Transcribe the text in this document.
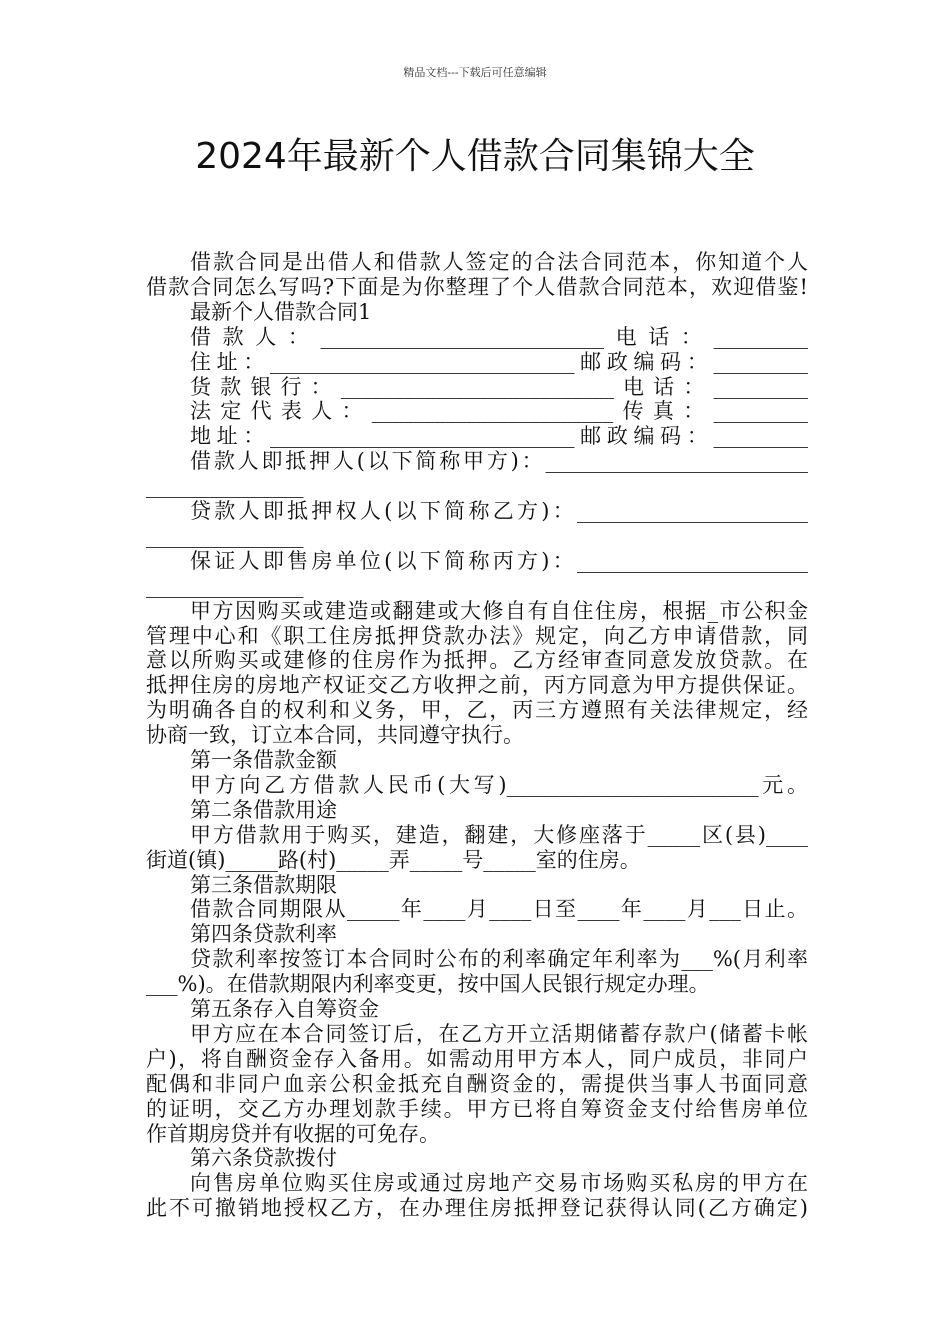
精品文档---下载后可任意编辑
2024年最新个人借款合同集锦大全
借款合同是出借人和借款人签定的合法合同范本，你知道个人
借款合同怎么写吗?下面是为你整理了个人借款合同范本，欢迎借鉴!
最新个人借款合同1
借款人：___________________________电话：_________
住址：_____________________________邮政编码：_________
货款银行：__________________________电话：_________
法定代表人：_______________________传真：_________
地址：_____________________________邮政编码：_________
借款人即抵押人(以下简称甲方)：_________________________
_______________
贷款人即抵押权人(以下简称乙方)：______________________
_______________
保证人即售房单位(以下简称丙方)：______________________
_______________
甲方因购买或建造或翻建或大修自有自住住房，根据_市公积金
管理中心和《职工住房抵押贷款办法》规定，向乙方申请借款，同
意以所购买或建修的住房作为抵押。乙方经审查同意发放贷款。在
抵押住房的房地产权证交乙方收押之前，丙方同意为甲方提供保证。
为明确各自的权利和义务，甲，乙，丙三方遵照有关法律规定，经
协商一致，订立本合同，共同遵守执行。
第一条借款金额
甲方向乙方借款人民币(大写)________________________元。
第二条借款用途
甲方借款用于购买，建造，翻建，大修座落于_____区(县)____
街道(镇)_____路(村)_____弄_____号_____室的住房。
第三条借款期限
借款合同期限从_____年____月____日至____年____月___日止。
第四条贷款利率
贷款利率按签订本合同时公布的利率确定年利率为___%(月利率
___%)。在借款期限内利率变更，按中国人民银行规定办理。
第五条存入自筹资金
甲方应在本合同签订后，在乙方开立活期储蓄存款户(储蓄卡帐
户)，将自酬资金存入备用。如需动用甲方本人，同户成员，非同户
配偶和非同户血亲公积金抵充自酬资金的，需提供当事人书面同意
的证明，交乙方办理划款手续。甲方已将自筹资金支付给售房单位
作首期房贷并有收据的可免存。
第六条贷款拨付
向售房单位购买住房或通过房地产交易市场购买私房的甲方在
此不可撤销地授权乙方，在办理住房抵押登记获得认同(乙方确定)
